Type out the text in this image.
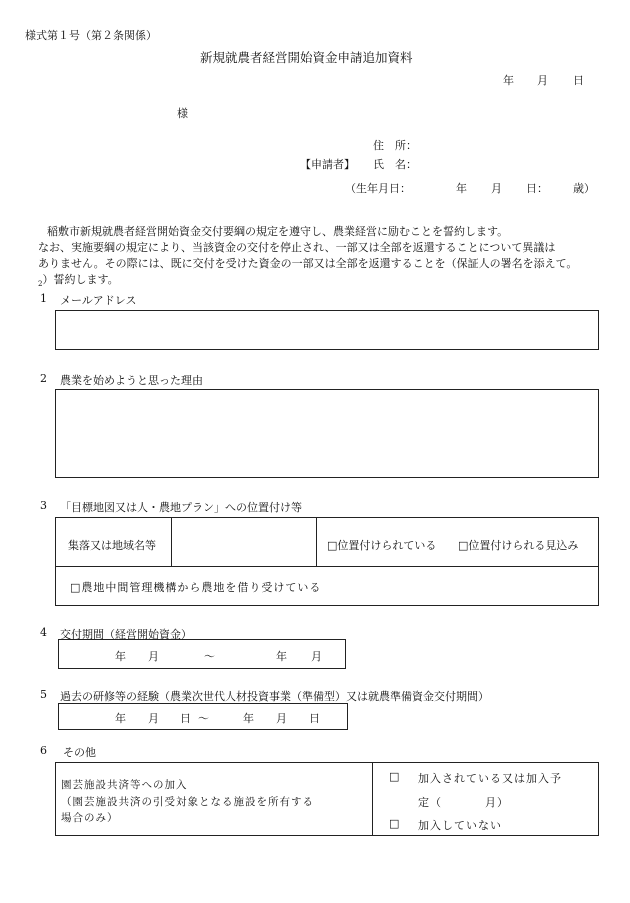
様式第１号（第２条関係）
新規就農者経営開始資金申請追加資料
年 月 日
様
住　所：
【申請者】 氏　名：
（生年月日：	年 月 日： 歳）
稲敷市新規就農者経営開始資金交付要綱の規定を遵守し、農業経営に励むことを誓約します。
なお、実施要綱の規定により、当該資金の交付を停止され、一部又は全部を返還することについて異議は
ありません。その際には、既に交付を受けた資金の一部又は全部を返還することを（保証人の署名を添えて。
$_2$）誓約します。
1 メールアドレス
2 農業を始めようと思った理由
3 「目標地図又は人・農地プラン」への位置付け等
集落又は地域名等	□位置付けられている □位置付けられる見込み
□農地中間管理機構から農地を借り受けている
4 交付期間（経営開始資金）
年 月	～	年 月
5 過去の研修等の経験（農業次世代人材投資事業（準備型）又は就農準備資金交付期間）
年 月 日 ～	年 月 日
6 その他
園芸施設共済等への加入
（園芸施設共済の引受対象となる施設を所有する
場合のみ）
□ 加入されている又は加入予
定（	月）
□ 加入していない
